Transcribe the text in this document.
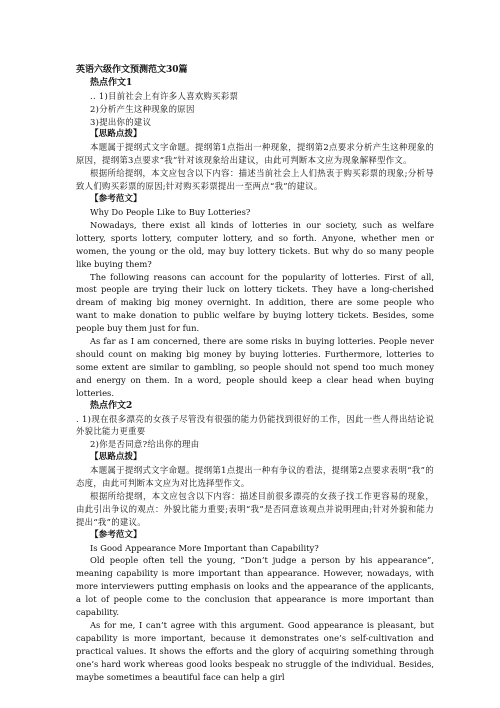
英语六级作文预测范文30篇

热点作文1

.. 1)目前社会上有许多人喜欢购买彩票

2)分析产生这种现象的原因

3)提出你的建议

【思路点拨】

本题属于提纲式文字命题。提纲第1点指出一种现象，提纲第2点要求分析产生这种现象的原因，提纲第3点要求“我”针对该现象给出建议，由此可判断本文应为现象解释型作文。

根据所给提纲，本文应包含以下内容：描述当前社会上人们热衷于购买彩票的现象;分析导致人们购买彩票的原因;针对购买彩票提出一至两点“我”的建议。

【参考范文】

Why Do People Like to Buy Lotteries?

Nowadays, there exist all kinds of lotteries in our society, such as welfare lottery, sports lottery, computer lottery, and so forth. Anyone, whether men or women, the young or the old, may buy lottery tickets. But why do so many people like buying them?

The following reasons can account for the popularity of lotteries. First of all, most people are trying their luck on lottery tickets. They have a long-cherished dream of making big money overnight. In addition, there are some people who want to make donation to public welfare by buying lottery tickets. Besides, some people buy them just for fun.

As far as I am concerned, there are some risks in buying lotteries. People never should count on making big money by buying lotteries. Furthermore, lotteries to some extent are similar to gambling, so people should not spend too much money and energy on them. In a word, people should keep a clear head when buying lotteries.

热点作文2

. 1)现在很多漂亮的女孩子尽管没有很强的能力仍能找到很好的工作，因此一些人得出结论说外貌比能力更重要

2)你是否同意?给出你的理由

【思路点拨】

本题属于提纲式文字命题。提纲第1点提出一种有争议的看法，提纲第2点要求表明“我”的态度，由此可判断本文应为对比选择型作文。

根据所给提纲，本文应包含以下内容：描述目前很多漂亮的女孩子找工作更容易的现象，由此引出争议的观点：外貌比能力重要;表明“我”是否同意该观点并说明理由;针对外貌和能力提出“我”的建议。

【参考范文】

Is Good Appearance More Important than Capability?

Old people often tell the young, “Don’t judge a person by his appearance”, meaning capability is more important than appearance. However, nowadays, with more interviewers putting emphasis on looks and the appearance of the applicants, a lot of people come to the conclusion that appearance is more important than capability.

As for me, I can’t agree with this argument. Good appearance is pleasant, but capability is more important, because it demonstrates one’s self-cultivation and practical values. It shows the efforts and the glory of acquiring something through one’s hard work whereas good looks bespeak no struggle of the individual. Besides, maybe sometimes a beautiful face can help a girl
